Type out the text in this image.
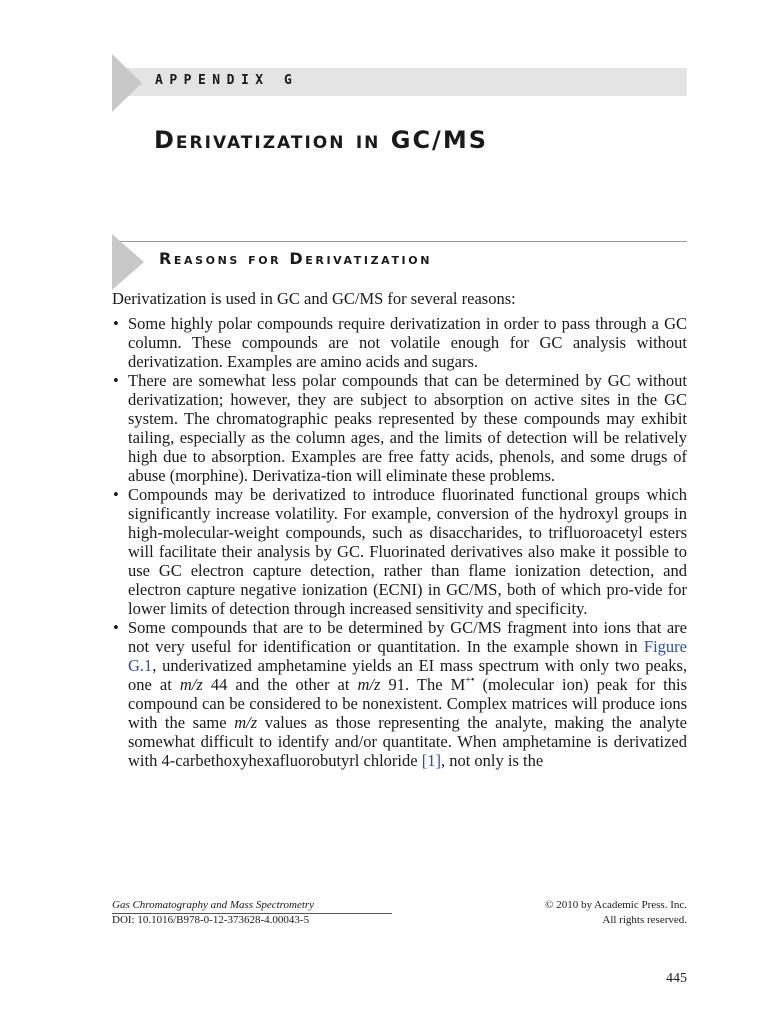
APPENDIX G
Derivatization in GC/MS
Reasons for Derivatization

Derivatization is used in GC and GC/MS for several reasons:

• Some highly polar compounds require derivatization in order to pass through a GC column. These compounds are not volatile enough for GC analysis without derivatization. Examples are amino acids and sugars.
• There are somewhat less polar compounds that can be determined by GC without derivatization; however, they are subject to absorption on active sites in the GC system. The chromatographic peaks represented by these compounds may exhibit tailing, especially as the column ages, and the limits of detection will be relatively high due to absorption. Examples are free fatty acids, phenols, and some drugs of abuse (morphine). Derivatiza-tion will eliminate these problems.
• Compounds may be derivatized to introduce fluorinated functional groups which significantly increase volatility. For example, conversion of the hydroxyl groups in high-molecular-weight compounds, such as disaccharides, to trifluoroacetyl esters will facilitate their analysis by GC. Fluorinated derivatives also make it possible to use GC electron capture detection, rather than flame ionization detection, and electron capture negative ionization (ECNI) in GC/MS, both of which pro-vide for lower limits of detection through increased sensitivity and specificity.
• Some compounds that are to be determined by GC/MS fragment into ions that are not very useful for identification or quantitation. In the example shown in Figure G.1, underivatized amphetamine yields an EI mass spectrum with only two peaks, one at m/z 44 and the other at m/z 91. The M+• (molecular ion) peak for this compound can be considered to be nonexistent. Complex matrices will produce ions with the same m/z values as those representing the analyte, making the analyte somewhat difficult to identify and/or quantitate. When amphetamine is derivatized with 4-carbethoxyhexafluorobutyrl chloride [1], not only is the
Gas Chromatography and Mass Spectrometry	© 2010 by Academic Press. Inc.
DOI: 10.1016/B978-0-12-373628-4.00043-5	All rights reserved.
445
